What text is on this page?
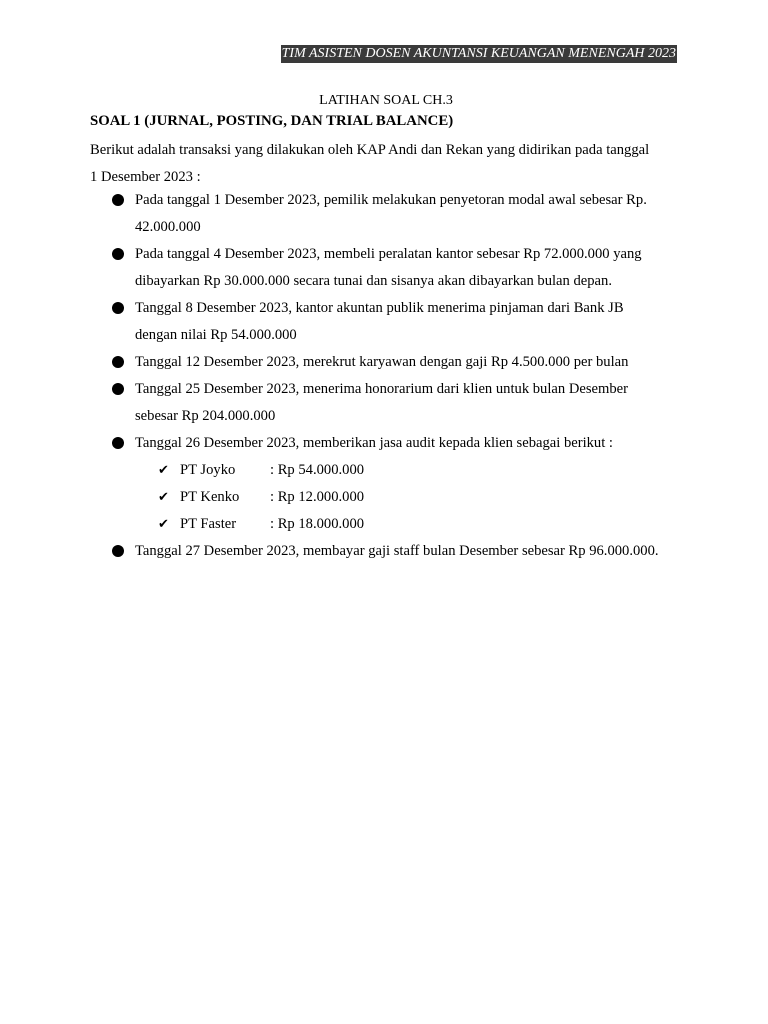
TIM ASISTEN DOSEN AKUNTANSI KEUANGAN MENENGAH 2023
LATIHAN SOAL CH.3
SOAL 1 (JURNAL, POSTING, DAN TRIAL BALANCE)

Berikut adalah transaksi yang dilakukan oleh KAP Andi dan Rekan yang didirikan pada tanggal

1 Desember 2023 :

Pada tanggal 1 Desember 2023, pemilik melakukan penyetoran modal awal sebesar Rp.
42.000.000
Pada tanggal 4 Desember 2023, membeli peralatan kantor sebesar Rp 72.000.000 yang
dibayarkan Rp 30.000.000 secara tunai dan sisanya akan dibayarkan bulan depan.
Tanggal 8 Desember 2023, kantor akuntan publik menerima pinjaman dari Bank JB
dengan nilai Rp 54.000.000
Tanggal 12 Desember 2023, merekrut karyawan dengan gaji Rp 4.500.000 per bulan
Tanggal 25 Desember 2023, menerima honorarium dari klien untuk bulan Desember
sebesar Rp 204.000.000
Tanggal 26 Desember 2023, memberikan jasa audit kepada klien sebagai berikut :
✔ PT Joyko : Rp 54.000.000
✔ PT Kenko : Rp 12.000.000
✔ PT Faster : Rp 18.000.000
Tanggal 27 Desember 2023, membayar gaji staff bulan Desember sebesar Rp 96.000.000.
